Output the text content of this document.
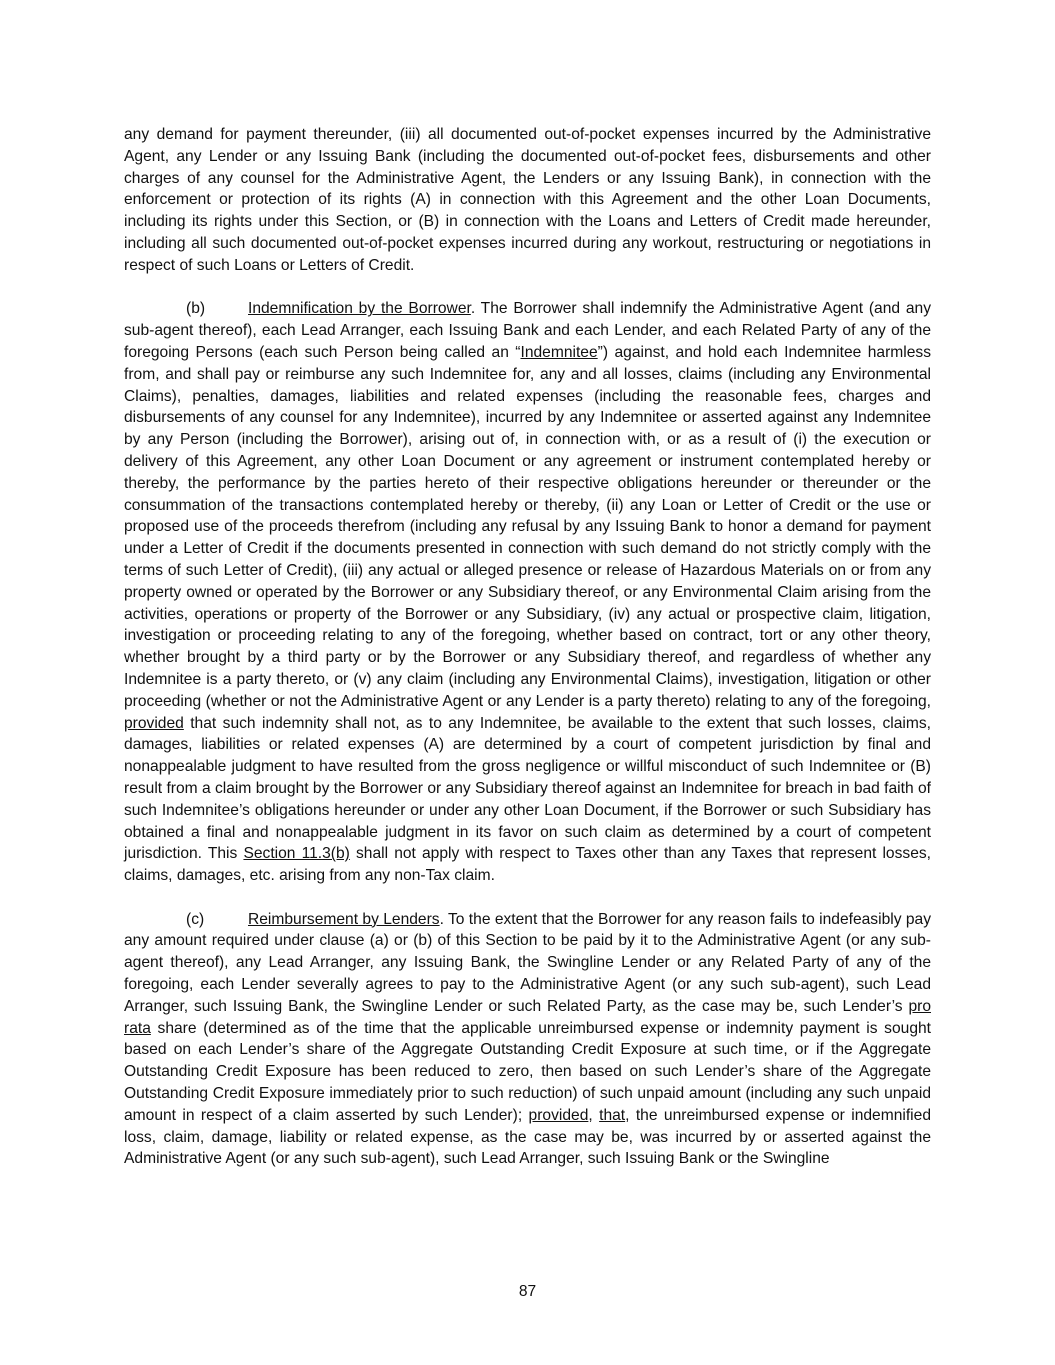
any demand for payment thereunder, (iii) all documented out-of-pocket expenses incurred by the Administrative Agent, any Lender or any Issuing Bank (including the documented out-of-pocket fees, disbursements and other charges of any counsel for the Administrative Agent, the Lenders or any Issuing Bank), in connection with the enforcement or protection of its rights (A) in connection with this Agreement and the other Loan Documents, including its rights under this Section, or (B) in connection with the Loans and Letters of Credit made hereunder, including all such documented out-of-pocket expenses incurred during any workout, restructuring or negotiations in respect of such Loans or Letters of Credit.

(b)	Indemnification by the Borrower. The Borrower shall indemnify the Administrative Agent (and any sub-agent thereof), each Lead Arranger, each Issuing Bank and each Lender, and each Related Party of any of the foregoing Persons (each such Person being called an “Indemnitee”) against, and hold each Indemnitee harmless from, and shall pay or reimburse any such Indemnitee for, any and all losses, claims (including any Environmental Claims), penalties, damages, liabilities and related expenses (including the reasonable fees, charges and disbursements of any counsel for any Indemnitee), incurred by any Indemnitee or asserted against any Indemnitee by any Person (including the Borrower), arising out of, in connection with, or as a result of (i) the execution or delivery of this Agreement, any other Loan Document or any agreement or instrument contemplated hereby or thereby, the performance by the parties hereto of their respective obligations hereunder or thereunder or the consummation of the transactions contemplated hereby or thereby, (ii) any Loan or Letter of Credit or the use or proposed use of the proceeds therefrom (including any refusal by any Issuing Bank to honor a demand for payment under a Letter of Credit if the documents presented in connection with such demand do not strictly comply with the terms of such Letter of Credit), (iii) any actual or alleged presence or release of Hazardous Materials on or from any property owned or operated by the Borrower or any Subsidiary thereof, or any Environmental Claim arising from the activities, operations or property of the Borrower or any Subsidiary, (iv) any actual or prospective claim, litigation, investigation or proceeding relating to any of the foregoing, whether based on contract, tort or any other theory, whether brought by a third party or by the Borrower or any Subsidiary thereof, and regardless of whether any Indemnitee is a party thereto, or (v) any claim (including any Environmental Claims), investigation, litigation or other proceeding (whether or not the Administrative Agent or any Lender is a party thereto) relating to any of the foregoing, provided that such indemnity shall not, as to any Indemnitee, be available to the extent that such losses, claims, damages, liabilities or related expenses (A) are determined by a court of competent jurisdiction by final and nonappealable judgment to have resulted from the gross negligence or willful misconduct of such Indemnitee or (B) result from a claim brought by the Borrower or any Subsidiary thereof against an Indemnitee for breach in bad faith of such Indemnitee’s obligations hereunder or under any other Loan Document, if the Borrower or such Subsidiary has obtained a final and nonappealable judgment in its favor on such claim as determined by a court of competent jurisdiction. This Section 11.3(b) shall not apply with respect to Taxes other than any Taxes that represent losses, claims, damages, etc. arising from any non-Tax claim.

(c)	Reimbursement by Lenders. To the extent that the Borrower for any reason fails to indefeasibly pay any amount required under clause (a) or (b) of this Section to be paid by it to the Administrative Agent (or any sub-agent thereof), any Lead Arranger, any Issuing Bank, the Swingline Lender or any Related Party of any of the foregoing, each Lender severally agrees to pay to the Administrative Agent (or any such sub-agent), such Lead Arranger, such Issuing Bank, the Swingline Lender or such Related Party, as the case may be, such Lender’s pro rata share (determined as of the time that the applicable unreimbursed expense or indemnity payment is sought based on each Lender’s share of the Aggregate Outstanding Credit Exposure at such time, or if the Aggregate Outstanding Credit Exposure has been reduced to zero, then based on such Lender’s share of the Aggregate Outstanding Credit Exposure immediately prior to such reduction) of such unpaid amount (including any such unpaid amount in respect of a claim asserted by such Lender); provided, that, the unreimbursed expense or indemnified loss, claim, damage, liability or related expense, as the case may be, was incurred by or asserted against the Administrative Agent (or any such sub-agent), such Lead Arranger, such Issuing Bank or the Swingline

87
